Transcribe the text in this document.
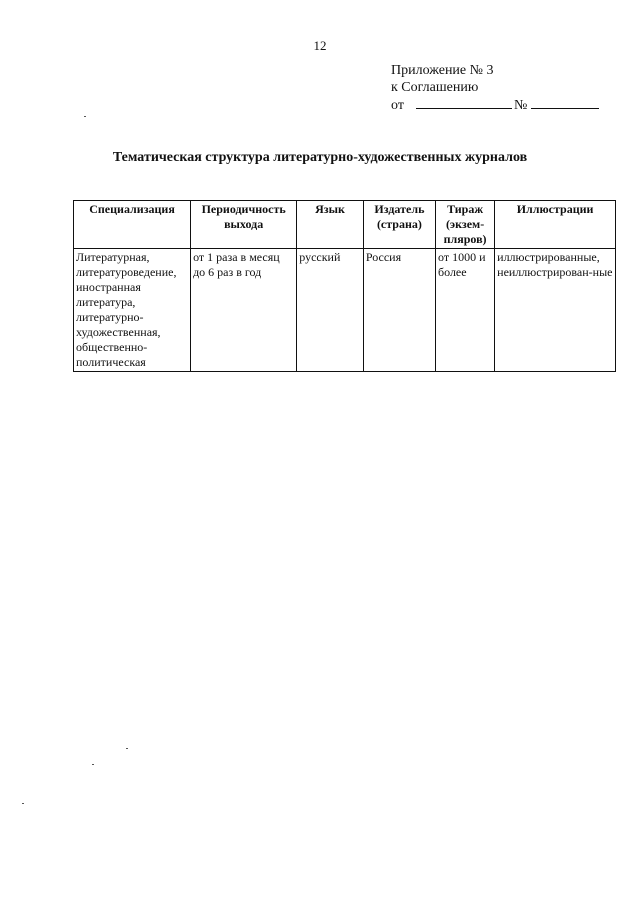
12
Приложение № 3
к Соглашению
от	№
Тематическая структура литературно-художественных журналов
Специализация	Периодичность выхода	Язык	Издатель (страна)	Тираж (экзем-пляров)	Иллюстрации
Литературная, литературоведение, иностранная литература, литературно-художественная, общественно-политическая	от 1 раза в месяц до 6 раз в год	русский	Россия	от 1000 и более	иллюстрированные, неиллюстрирован-ные
